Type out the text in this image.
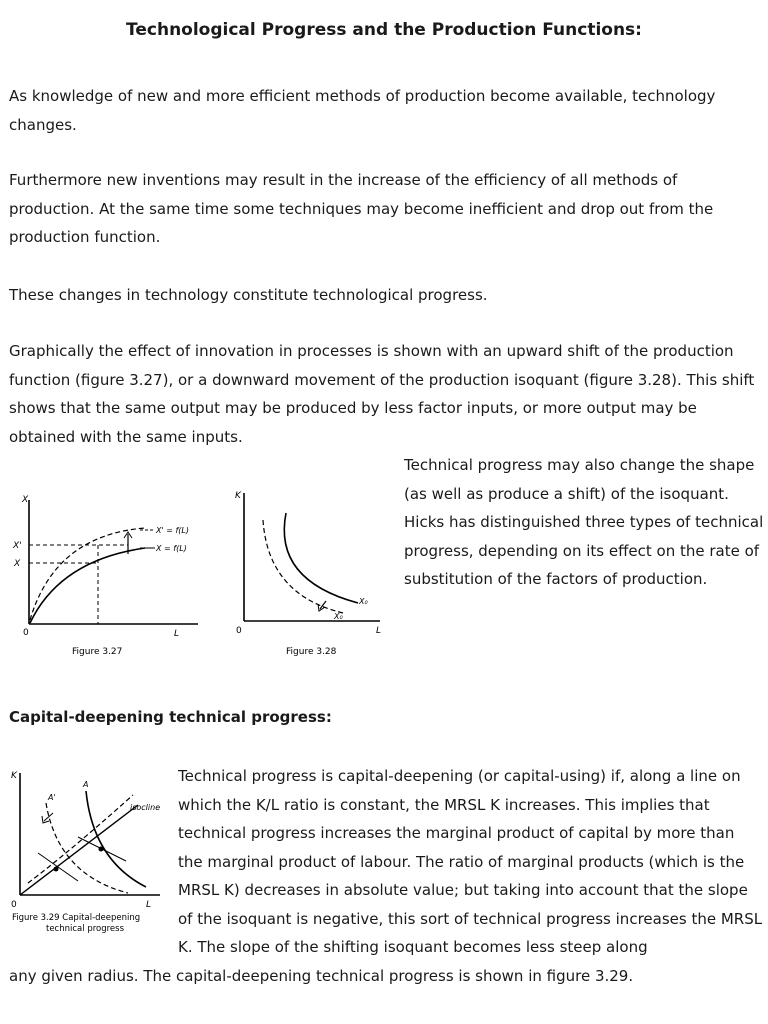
Technological Progress and the Production Functions:

As knowledge of new and more efficient methods of production become available, technology changes.

Furthermore new inventions may result in the increase of the efficiency of all methods of production. At the same time some techniques may become inefficient and drop out from the production function.

These changes in technology constitute technological progress.

Graphically the effect of innovation in processes is shown with an upward shift of the production function (figure 3.27), or a downward movement of the production isoquant (figure 3.28). This shift shows that the same output may be produced by less factor inputs, or more output may be obtained with the same inputs.

Technical progress may also change the shape (as well as produce a shift) of the isoquant. Hicks has distinguished three types of technical progress, depending on its effect on the rate of substitution of the factors of production.

X
L
0
X'
X
X' = f(L)
X = f(L)
Figure 3.27
K
L
0
X₀
X₀
Figure 3.28
Capital-deepening technical progress:
K
L
0
A'
A
isocline
Figure 3.29 Capital-deepening
technical progress

Technical progress is capital-deepening (or capital-using) if, along a line on which the K/L ratio is constant, the MRSL K increases. This implies that technical progress increases the marginal product of capital by more than the marginal product of labour. The ratio of marginal products (which is the MRSL K) decreases in absolute value; but taking into account that the slope of the isoquant is negative, this sort of technical progress increases the MRSL K. The slope of the shifting isoquant becomes less steep along

any given radius. The capital-deepening technical progress is shown in figure 3.29.
